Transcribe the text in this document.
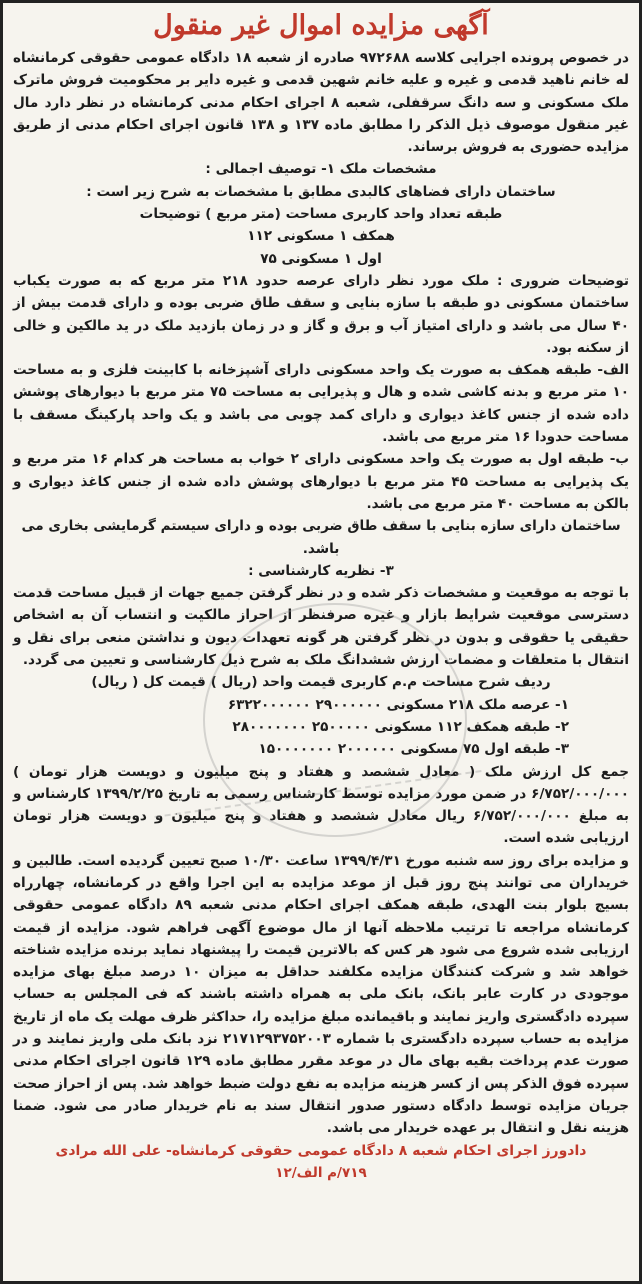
آگهی مزایده اموال غیر منقول

در خصوص پرونده اجرایی کلاسه ۹۷۲۶۸۸ صادره از شعبه ۱۸ دادگاه عمومی حقوقی کرمانشاه له خانم ناهید قدمی و غیره و علیه خانم شهین قدمی و غیره دایر بر محکومیت فروش ماترک ملک مسکونی و سه دانگ سرقفلی، شعبه ۸ اجرای احکام مدنی کرمانشاه در نظر دارد مال غیر منقول موصوف ذیل الذکر را مطابق ماده ۱۳۷ و ۱۳۸ قانون اجرای احکام مدنی از طریق مزایده حضوری به فروش برساند.

مشخصات ملک ۱- توصیف اجمالی :

ساختمان دارای فضاهای کالبدی مطابق با مشخصات به شرح زیر است :

طبقه تعداد واحد کاربری مساحت (متر مربع ) توضیحات

همکف ۱ مسکونی ۱۱۲

اول ۱ مسکونی ۷۵

توضیحات ضروری : ملک مورد نظر دارای عرصه حدود ۲۱۸ متر مربع که به صورت یکباب ساختمان مسکونی دو طبقه با سازه بنایی و سقف طاق ضربی بوده و دارای قدمت بیش از ۴۰ سال می باشد و دارای امتیاز آب و برق و گاز و در زمان بازدید ملک در ید مالکین و خالی از سکنه بود.

الف- طبقه همکف به صورت یک واحد مسکونی دارای آشپزخانه با کابینت فلزی و به مساحت ۱۰ متر مربع و بدنه کاشی شده و هال و پذیرایی به مساحت ۷۵ متر مربع با دیوارهای پوشش داده شده از جنس کاغذ دیواری و دارای کمد چوبی می باشد و یک واحد پارکینگ مسقف با مساحت حدودا ۱۶ متر مربع می باشد.

ب- طبقه اول به صورت یک واحد مسکونی دارای ۲ خواب به مساحت هر کدام ۱۶ متر مربع و یک پذیرایی به مساحت ۴۵ متر مربع با دیوارهای پوشش داده شده از جنس کاغذ دیواری و بالکن به مساحت ۴۰ متر مربع می باشد.

ساختمان دارای سازه بنایی با سقف طاق ضربی بوده و دارای سیستم گرمایشی بخاری می باشد.

۳- نظریه کارشناسی :

با توجه به موقعیت و مشخصات ذکر شده و در نظر گرفتن جمیع جهات از قبیل مساحت قدمت دسترسی موقعیت شرایط بازار و غیره صرفنظر از احراز مالکیت و انتساب آن به اشخاص حقیقی یا حقوقی و بدون در نظر گرفتن هر گونه تعهدات دیون و نداشتن منعی برای نقل و انتقال با متعلقات و مضمات ارزش ششدانگ ملک به شرح ذیل کارشناسی و تعیین می گردد.

ردیف شرح مساحت م.م کاربری قیمت واحد (ریال ) قیمت کل ( ریال)

۱- عرصه ملک ۲۱۸ مسکونی ۲۹۰۰۰۰۰۰ ۶۳۲۲۰۰۰۰۰۰

۲- طبقه همکف ۱۱۲ مسکونی ۲۵۰۰۰۰۰ ۲۸۰۰۰۰۰۰۰

۳- طبقه اول ۷۵ مسکونی ۲۰۰۰۰۰۰ ۱۵۰۰۰۰۰۰۰

جمع کل ارزش ملک ( معادل ششصد و هفتاد و پنج میلیون و دویست هزار تومان ) ۶/۷۵۲/۰۰۰/۰۰۰ در ضمن مورد مزایده توسط کارشناس رسمی به تاریخ ۱۳۹۹/۲/۲۵ کارشناس و به مبلغ ۶/۷۵۲/۰۰۰/۰۰۰ ریال معادل ششصد و هفتاد و پنج میلیون و دویست هزار تومان ارزیابی شده است.

و مزایده برای روز سه شنبه مورخ ۱۳۹۹/۴/۳۱ ساعت ۱۰/۳۰ صبح تعیین گردیده است. طالبین و خریداران می توانند پنج روز قبل از موعد مزایده به این اجرا واقع در کرمانشاه، چهارراه بسیج بلوار بنت الهدی، طبقه همکف اجرای احکام مدنی شعبه ۸۹ دادگاه عمومی حقوقی کرمانشاه مراجعه تا ترتیب ملاحظه آنها از مال موضوع آگهی فراهم شود. مزایده از قیمت ارزیابی شده شروع می شود هر کس که بالاترین قیمت را پیشنهاد نماید برنده مزایده شناخته خواهد شد و شرکت کنندگان مزایده مکلفند حداقل به میزان ۱۰ درصد مبلغ بهای مزایده موجودی در کارت عابر بانک، بانک ملی به همراه داشته باشند که فی المجلس به حساب سپرده دادگستری واریز نمایند و باقیمانده مبلغ مزایده را، حداکثر ظرف مهلت یک ماه از تاریخ مزایده به حساب سپرده دادگستری با شماره ۲۱۷۱۲۹۳۷۵۲۰۰۳ نزد بانک ملی واریز نمایند و در صورت عدم پرداخت بقیه بهای مال در موعد مقرر مطابق ماده ۱۲۹ قانون اجرای احکام مدنی سپرده فوق الذکر پس از کسر هزینه مزایده به نفع دولت ضبط خواهد شد. پس از احراز صحت جریان مزایده توسط دادگاه دستور صدور انتقال سند به نام خریدار صادر می شود. ضمنا هزینه نقل و انتقال بر عهده خریدار می باشد.

دادورز اجرای احکام شعبه ۸ دادگاه عمومی حقوقی کرمانشاه- علی الله مرادی
۷۱۹/م الف/۱۲
